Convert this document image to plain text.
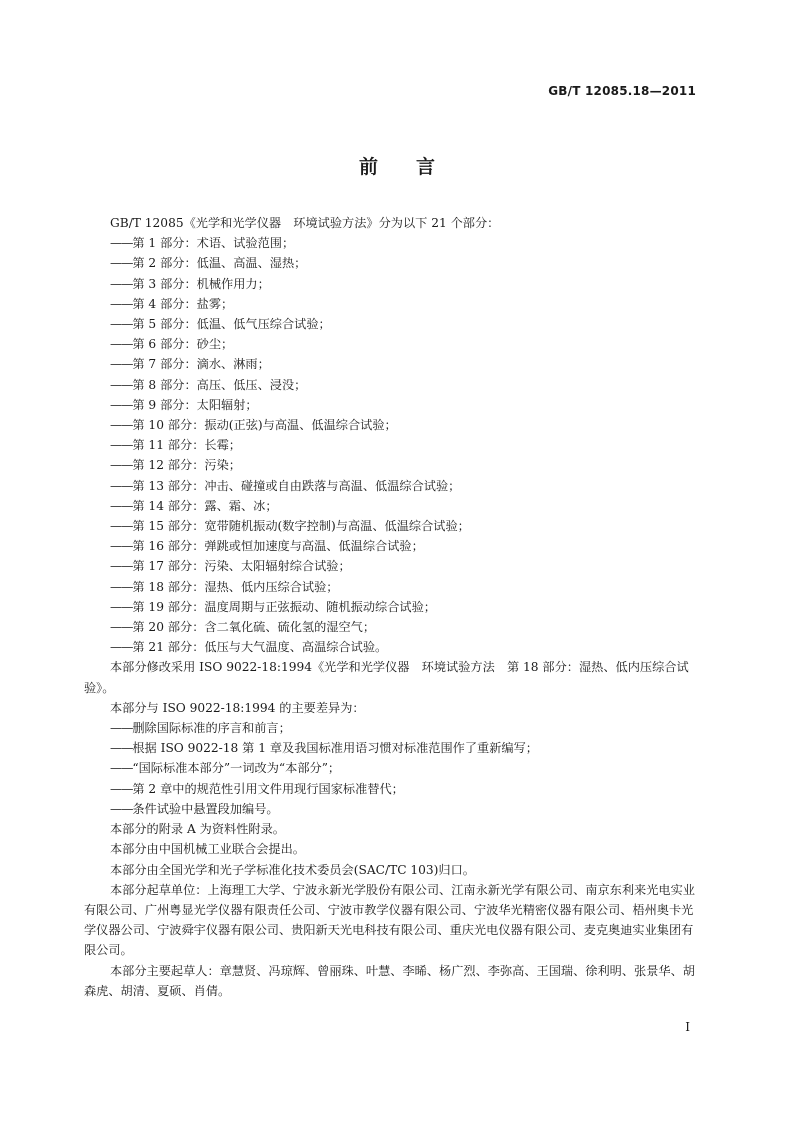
GB/T 12085.18—2011
前言

GB/T 12085《光学和光学仪器　环境试验方法》分为以下 21 个部分：

——第 1 部分：术语、试验范围；
——第 2 部分：低温、高温、湿热；
——第 3 部分：机械作用力；
——第 4 部分：盐雾；
——第 5 部分：低温、低气压综合试验；
——第 6 部分：砂尘；
——第 7 部分：滴水、淋雨；
——第 8 部分：高压、低压、浸没；
——第 9 部分：太阳辐射；
——第 10 部分：振动(正弦)与高温、低温综合试验；
——第 11 部分：长霉；
——第 12 部分：污染；
——第 13 部分：冲击、碰撞或自由跌落与高温、低温综合试验；
——第 14 部分：露、霜、冰；
——第 15 部分：宽带随机振动(数字控制)与高温、低温综合试验；
——第 16 部分：弹跳或恒加速度与高温、低温综合试验；
——第 17 部分：污染、太阳辐射综合试验；
——第 18 部分：湿热、低内压综合试验；
——第 19 部分：温度周期与正弦振动、随机振动综合试验；
——第 20 部分：含二氧化硫、硫化氢的湿空气；
——第 21 部分：低压与大气温度、高温综合试验。

本部分修改采用 ISO 9022-18:1994《光学和光学仪器　环境试验方法　第 18 部分：湿热、低内压综合试验》。

本部分与 ISO 9022-18:1994 的主要差异为：

——删除国际标准的序言和前言；
——根据 ISO 9022-18 第 1 章及我国标准用语习惯对标准范围作了重新编写；
——“国际标准本部分”一词改为“本部分”；
——第 2 章中的规范性引用文件用现行国家标准替代；
——条件试验中悬置段加编号。

本部分的附录 A 为资料性附录。

本部分由中国机械工业联合会提出。

本部分由全国光学和光子学标准化技术委员会(SAC/TC 103)归口。

本部分起草单位：上海理工大学、宁波永新光学股份有限公司、江南永新光学有限公司、南京东利来光电实业有限公司、广州粤显光学仪器有限责任公司、宁波市教学仪器有限公司、宁波华光精密仪器有限公司、梧州奥卡光学仪器公司、宁波舜宇仪器有限公司、贵阳新天光电科技有限公司、重庆光电仪器有限公司、麦克奥迪实业集团有限公司。

本部分主要起草人：章慧贤、冯琼辉、曾丽珠、叶慧、李晞、杨广烈、李弥高、王国瑞、徐利明、张景华、胡森虎、胡清、夏硕、肖倩。

I
